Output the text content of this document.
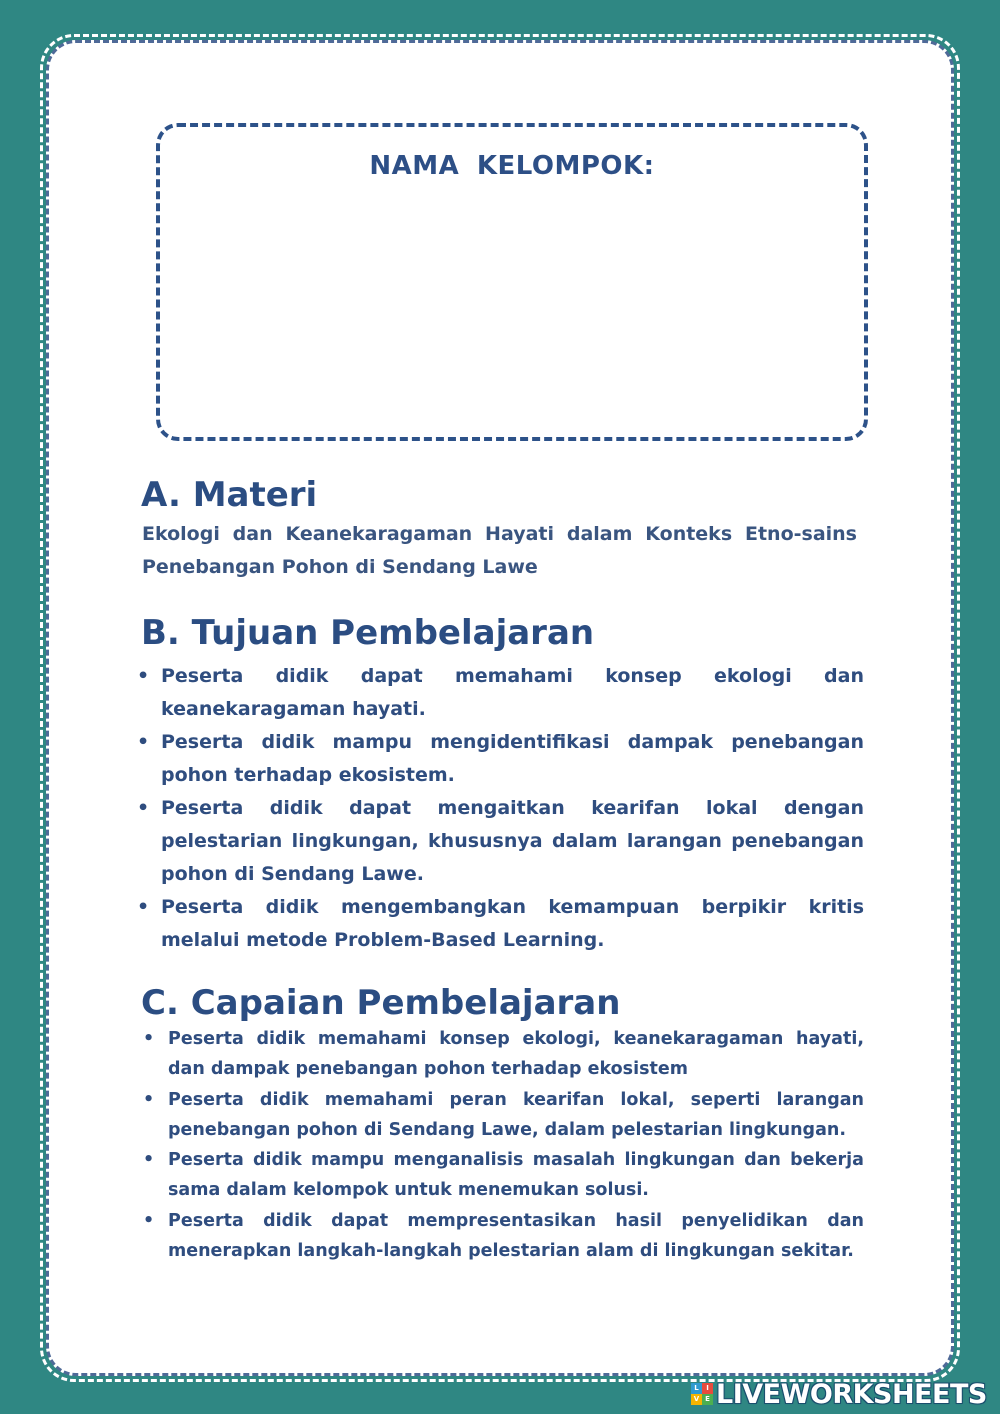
NAMA KELOMPOK:
A. Materi

Ekologi dan Keanekaragaman Hayati dalam Konteks Etno-sains Penebangan Pohon di Sendang Lawe

B. Tujuan Pembelajaran
• Peserta didik dapat memahami konsep ekologi dan keanekaragaman hayati.
• Peserta didik mampu mengidentifikasi dampak penebangan pohon terhadap ekosistem.
• Peserta didik dapat mengaitkan kearifan lokal dengan pelestarian lingkungan, khususnya dalam larangan penebangan pohon di Sendang Lawe.
• Peserta didik mengembangkan kemampuan berpikir kritis melalui metode Problem-Based Learning.
C. Capaian Pembelajaran
• Peserta didik memahami konsep ekologi, keanekaragaman hayati, dan dampak penebangan pohon terhadap ekosistem
• Peserta didik memahami peran kearifan lokal, seperti larangan penebangan pohon di Sendang Lawe, dalam pelestarian lingkungan.
• Peserta didik mampu menganalisis masalah lingkungan dan bekerja sama dalam kelompok untuk menemukan solusi.
• Peserta didik dapat mempresentasikan hasil penyelidikan dan menerapkan langkah-langkah pelestarian alam di lingkungan sekitar.
L	I
V E LIVEWORKSHEETS
